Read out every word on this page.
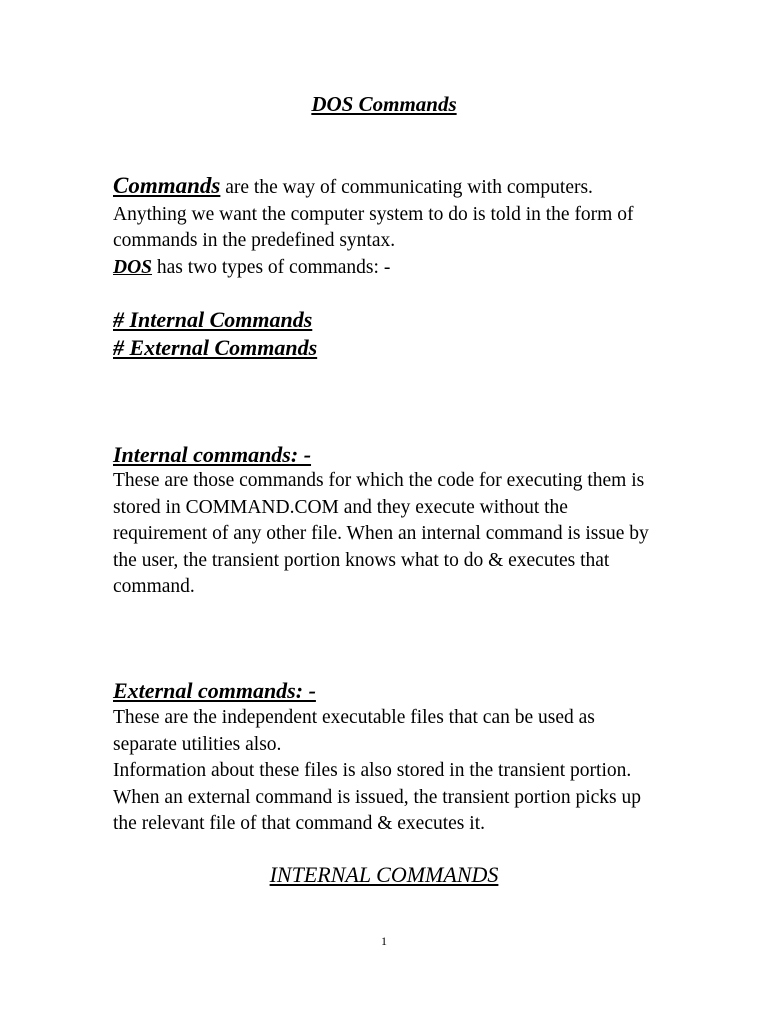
DOS Commands

Commands are the way of communicating with computers. Anything we want the computer system to do is told in the form of commands in the predefined syntax.
DOS has two types of commands: -

# Internal Commands
# External Commands
Internal commands: -

These are those commands for which the code for executing them is stored in COMMAND.COM and they execute without the requirement of any other file. When an internal command is issue by the user, the transient portion knows what to do & executes that command.

External commands: -

These are the independent executable files that can be used as separate utilities also.

Information about these files is also stored in the transient portion. When an external command is issued, the transient portion picks up the relevant file of that command & executes it.

INTERNAL COMMANDS
1
